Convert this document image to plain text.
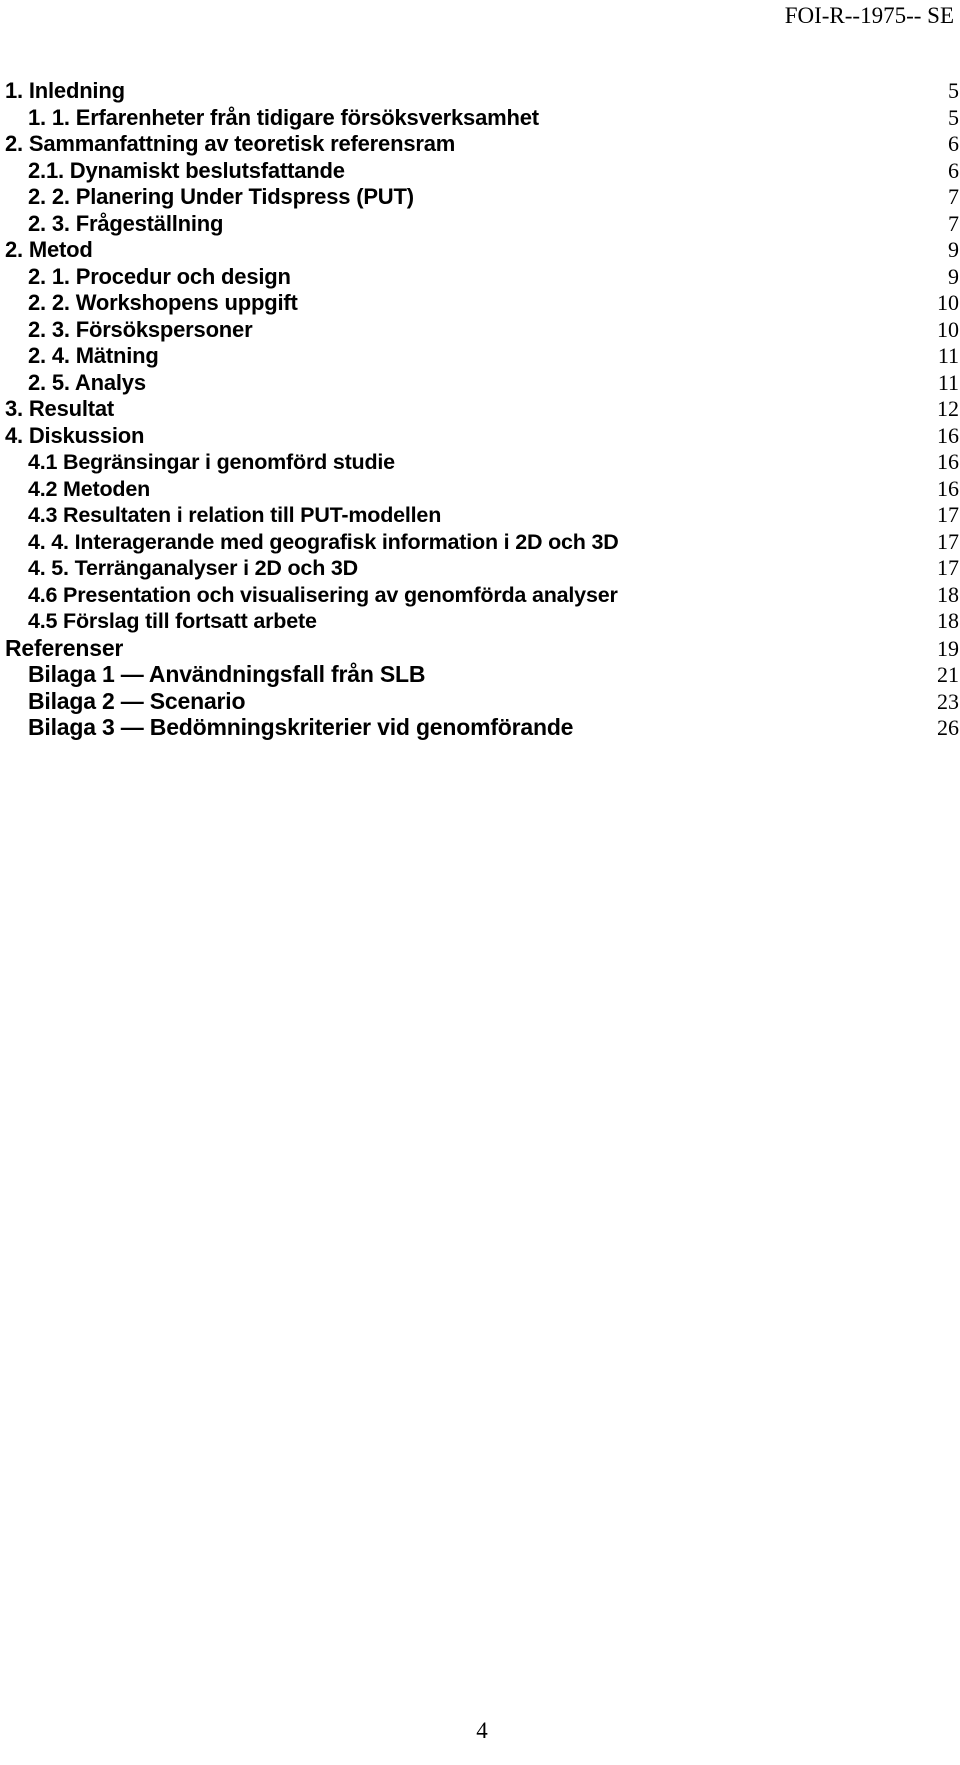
FOI-R--1975-- SE
1. Inledning	5
1. 1. Erfarenheter från tidigare försöksverksamhet	5
2. Sammanfattning av teoretisk referensram	6
2.1. Dynamiskt beslutsfattande	6
2. 2. Planering Under Tidspress (PUT)	7
2. 3. Frågeställning	7
2. Metod	9
2. 1. Procedur och design	9
2. 2. Workshopens uppgift	10
2. 3. Försökspersoner	10
2. 4. Mätning	11
2. 5. Analys	11
3. Resultat	12
4. Diskussion	16
4.1 Begränsingar i genomförd studie	16
4.2 Metoden	16
4.3 Resultaten i relation till PUT-modellen	17
4. 4. Interagerande med geografisk information i 2D och 3D	17
4. 5. Terränganalyser i 2D och 3D	17
4.6 Presentation och visualisering av genomförda analyser	18
4.5 Förslag till fortsatt arbete	18
Referenser	19
Bilaga 1 — Användningsfall från SLB	21
Bilaga 2 — Scenario	23
Bilaga 3 — Bedömningskriterier vid genomförande	26
4
